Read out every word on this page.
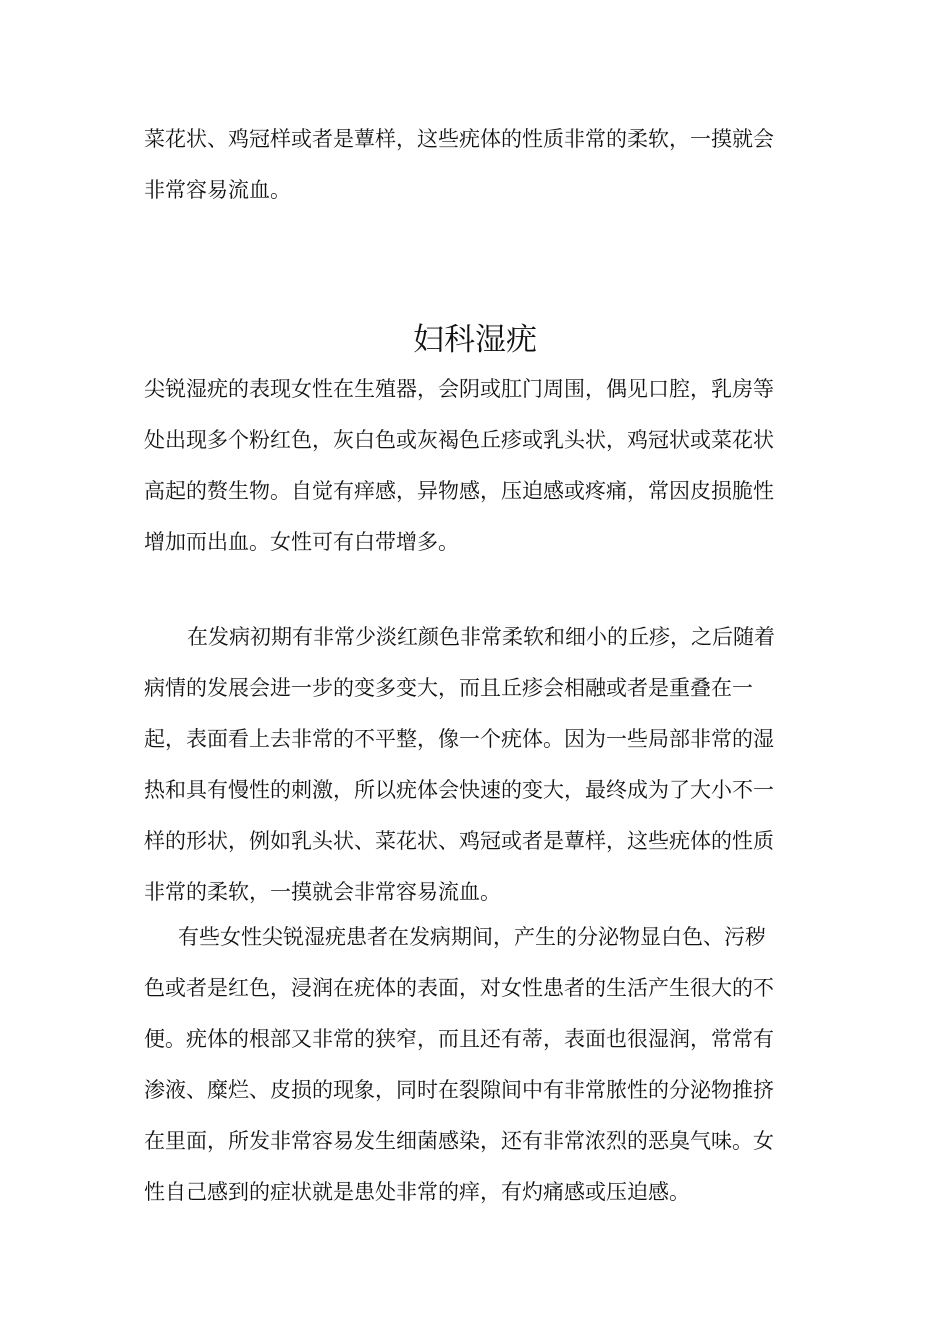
菜花状、鸡冠样或者是蕈样，这些疣体的性质非常的柔软，一摸就会
非常容易流血。
妇科湿疣
尖锐湿疣的表现女性在生殖器，会阴或肛门周围，偶见口腔，乳房等
处出现多个粉红色，灰白色或灰褐色丘疹或乳头状，鸡冠状或菜花状
高起的赘生物。自觉有痒感，异物感，压迫感或疼痛，常因皮损脆性
增加而出血。女性可有白带增多。
　在发病初期有非常少淡红颜色非常柔软和细小的丘疹，之后随着
病情的发展会进一步的变多变大，而且丘疹会相融或者是重叠在一
起，表面看上去非常的不平整，像一个疣体。因为一些局部非常的湿
热和具有慢性的刺激，所以疣体会快速的变大，最终成为了大小不一
样的形状，例如乳头状、菜花状、鸡冠或者是蕈样，这些疣体的性质
非常的柔软，一摸就会非常容易流血。
有些女性尖锐湿疣患者在发病期间，产生的分泌物显白色、污秽
色或者是红色，浸润在疣体的表面，对女性患者的生活产生很大的不
便。疣体的根部又非常的狭窄，而且还有蒂，表面也很湿润，常常有
渗液、糜烂、皮损的现象，同时在裂隙间中有非常脓性的分泌物推挤
在里面，所发非常容易发生细菌感染，还有非常浓烈的恶臭气味。女
性自己感到的症状就是患处非常的痒，有灼痛感或压迫感。
